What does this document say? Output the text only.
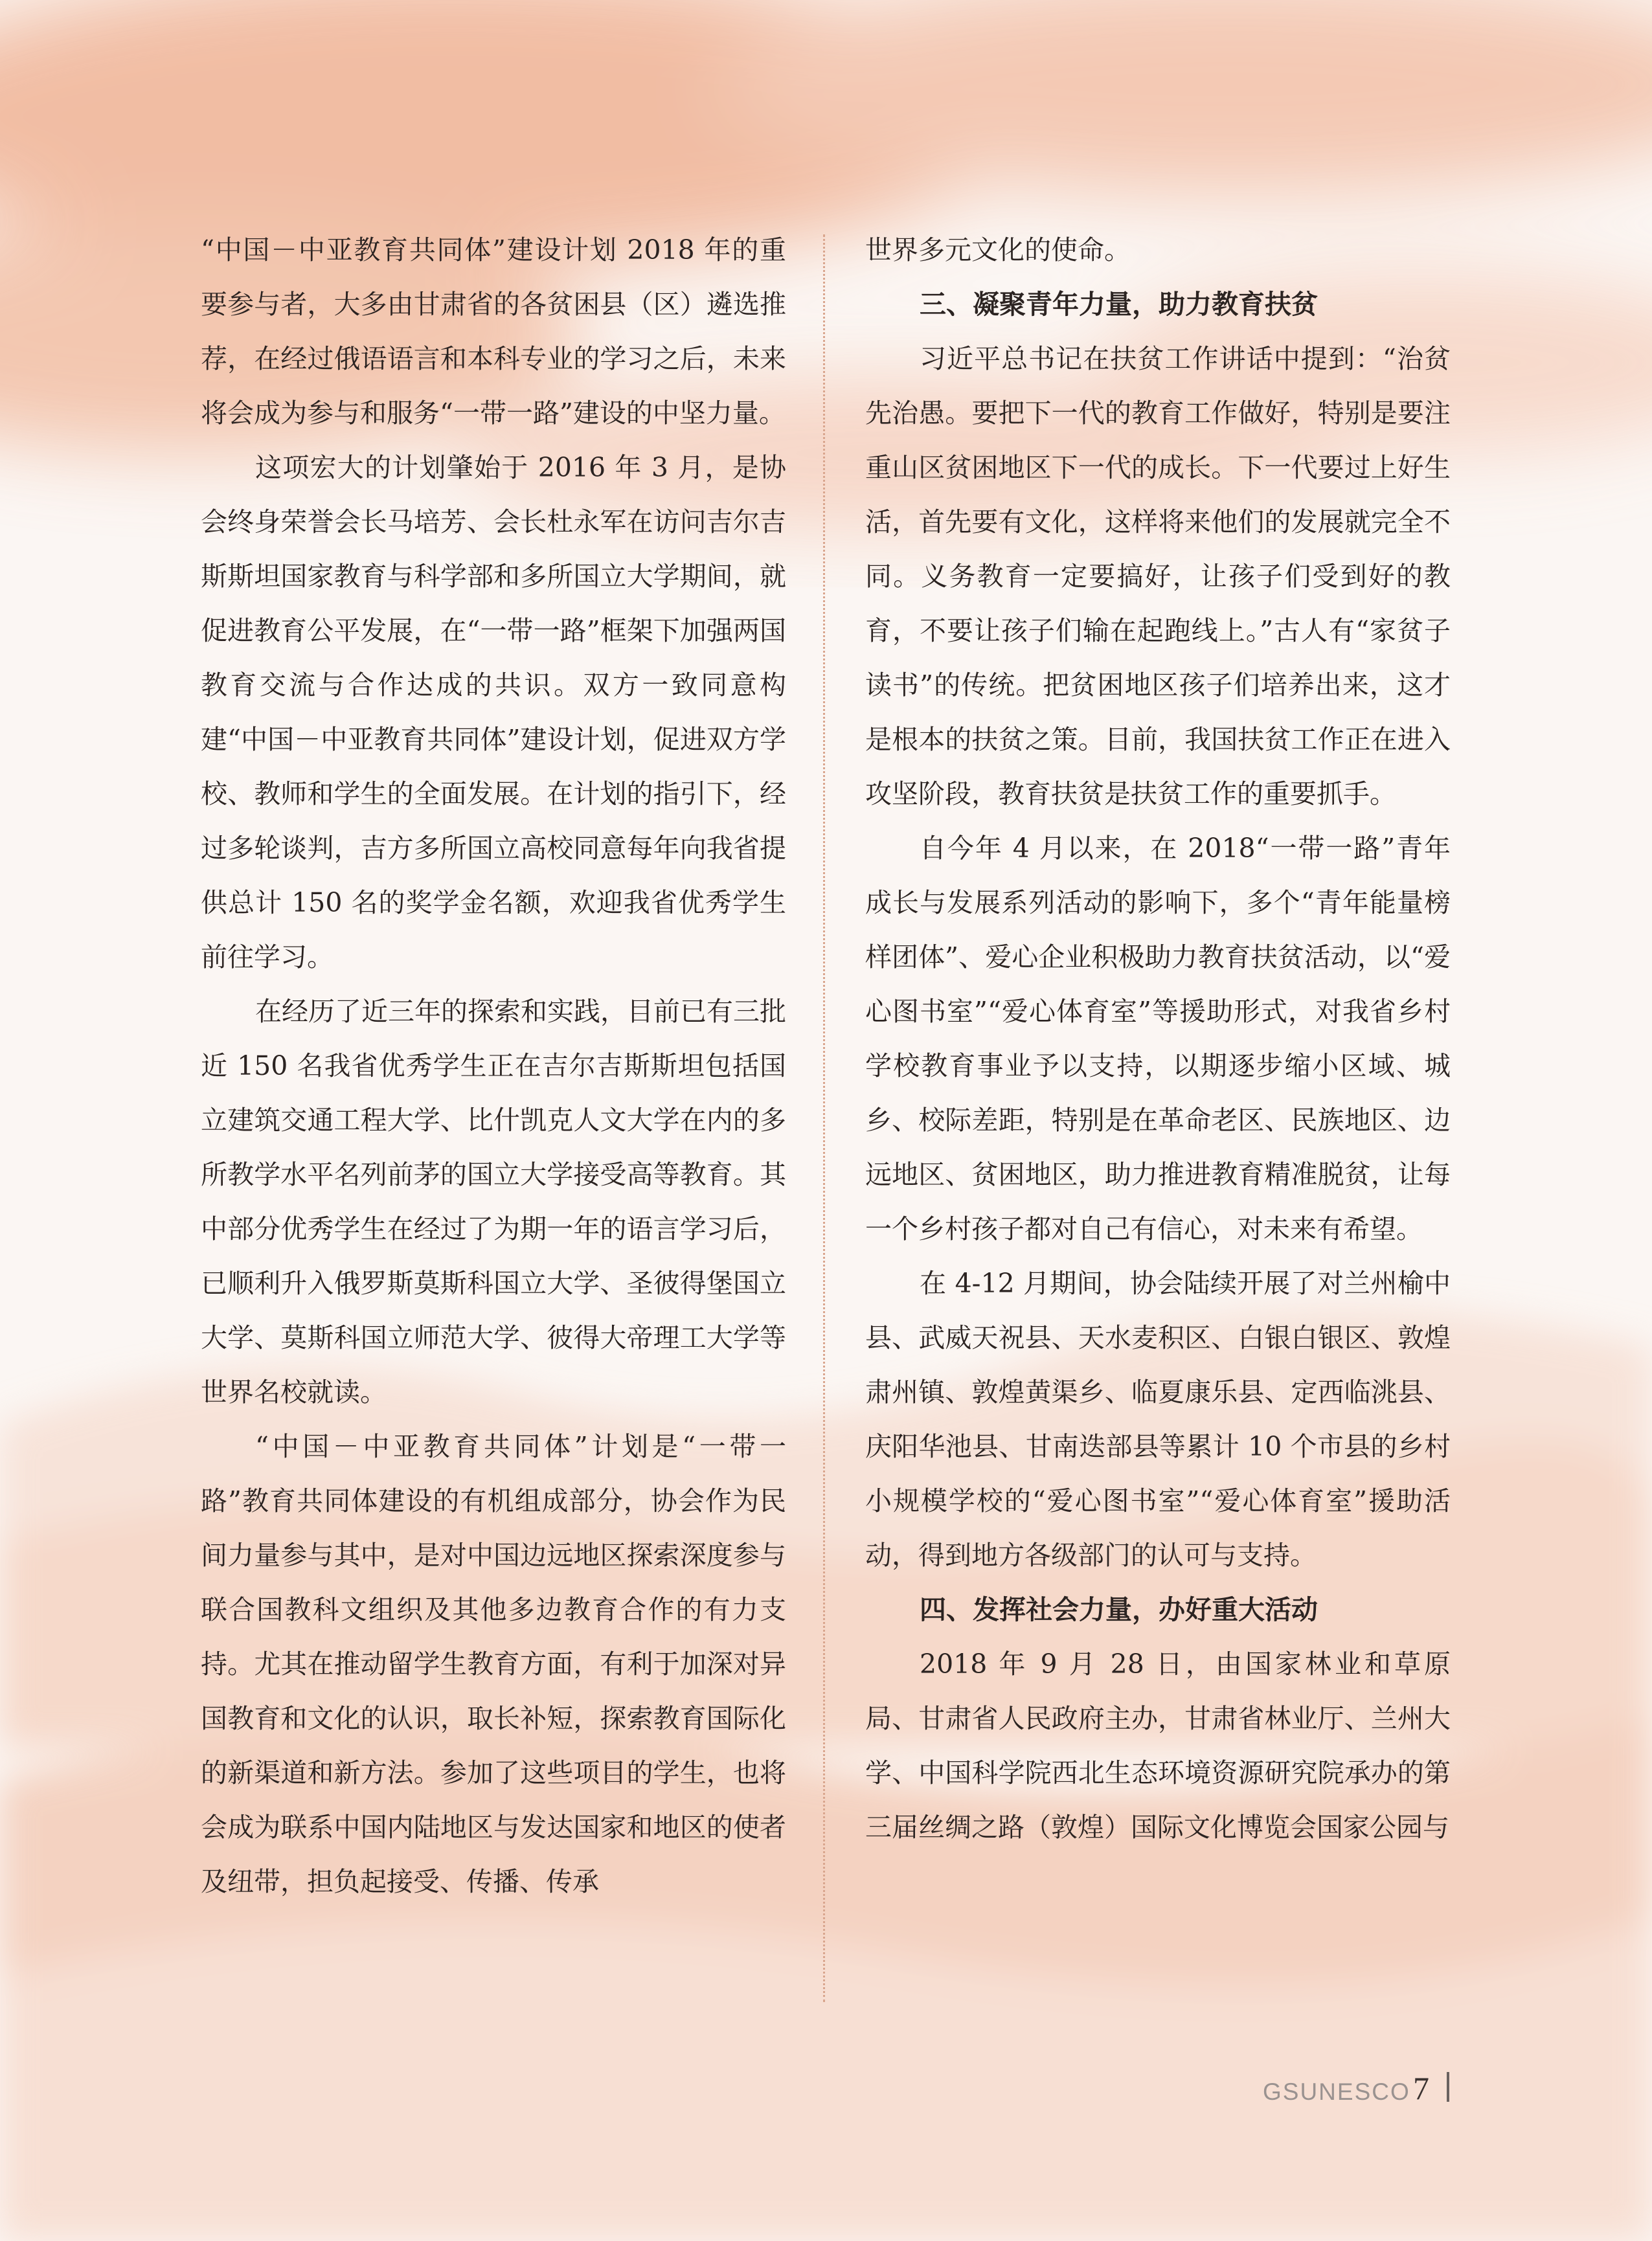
“中国－中亚教育共同体”建设计划 2018 年的重要参与者，大多由甘肃省的各贫困县（区）遴选推荐，在经过俄语语言和本科专业的学习之后，未来将会成为参与和服务“一带一路”建设的中坚力量。

这项宏大的计划肇始于 2016 年 3 月，是协会终身荣誉会长马培芳、会长杜永军在访问吉尔吉斯斯坦国家教育与科学部和多所国立大学期间，就促进教育公平发展，在“一带一路”框架下加强两国教育交流与合作达成的共识。双方一致同意构建“中国－中亚教育共同体”建设计划，促进双方学校、教师和学生的全面发展。在计划的指引下，经过多轮谈判，吉方多所国立高校同意每年向我省提供总计 150 名的奖学金名额，欢迎我省优秀学生前往学习。

在经历了近三年的探索和实践，目前已有三批近 150 名我省优秀学生正在吉尔吉斯斯坦包括国立建筑交通工程大学、比什凯克人文大学在内的多所教学水平名列前茅的国立大学接受高等教育。其中部分优秀学生在经过了为期一年的语言学习后，已顺利升入俄罗斯莫斯科国立大学、圣彼得堡国立大学、莫斯科国立师范大学、彼得大帝理工大学等世界名校就读。

“中国－中亚教育共同体”计划是“一带一路”教育共同体建设的有机组成部分，协会作为民间力量参与其中，是对中国边远地区探索深度参与联合国教科文组织及其他多边教育合作的有力支持。尤其在推动留学生教育方面，有利于加深对异国教育和文化的认识，取长补短，探索教育国际化的新渠道和新方法。参加了这些项目的学生，也将会成为联系中国内陆地区与发达国家和地区的使者及纽带，担负起接受、传播、传承

世界多元文化的使命。

三、凝聚青年力量，助力教育扶贫

习近平总书记在扶贫工作讲话中提到：“治贫先治愚。要把下一代的教育工作做好，特别是要注重山区贫困地区下一代的成长。下一代要过上好生活，首先要有文化，这样将来他们的发展就完全不同。义务教育一定要搞好，让孩子们受到好的教育，不要让孩子们输在起跑线上。”古人有“家贫子读书”的传统。把贫困地区孩子们培养出来，这才是根本的扶贫之策。目前，我国扶贫工作正在进入攻坚阶段，教育扶贫是扶贫工作的重要抓手。

自今年 4 月以来，在 2018“一带一路”青年成长与发展系列活动的影响下，多个“青年能量榜样团体”、爱心企业积极助力教育扶贫活动，以“爱心图书室”“爱心体育室”等援助形式，对我省乡村学校教育事业予以支持，以期逐步缩小区域、城乡、校际差距，特别是在革命老区、民族地区、边远地区、贫困地区，助力推进教育精准脱贫，让每一个乡村孩子都对自己有信心，对未来有希望。

在 4-12 月期间，协会陆续开展了对兰州榆中县、武威天祝县、天水麦积区、白银白银区、敦煌肃州镇、敦煌黄渠乡、临夏康乐县、定西临洮县、庆阳华池县、甘南迭部县等累计 10 个市县的乡村小规模学校的“爱心图书室”“爱心体育室”援助活动，得到地方各级部门的认可与支持。

四、发挥社会力量，办好重大活动

2018 年 9 月 28 日，由国家林业和草原局、甘肃省人民政府主办，甘肃省林业厅、兰州大学、中国科学院西北生态环境资源研究院承办的第三届丝绸之路（敦煌）国际文化博览会国家公园与

GSUNESCO 7
